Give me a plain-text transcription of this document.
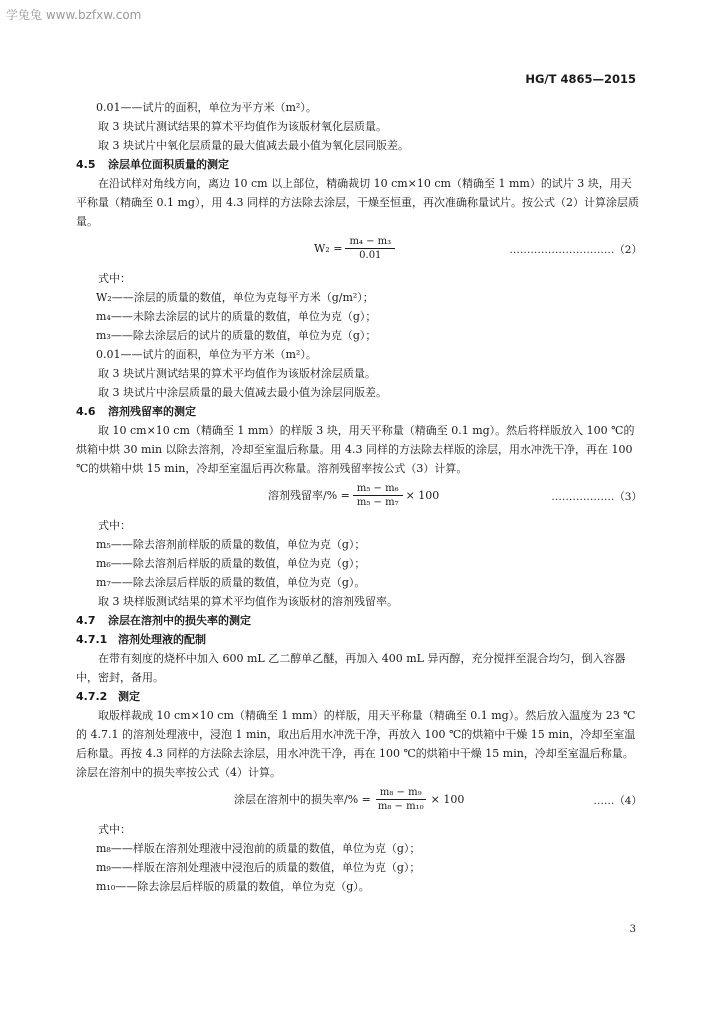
学兔兔 www.bzfxw.com
HG/T 4865—2015

0.01——试片的面积，单位为平方米（m²）。

取 3 块试片测试结果的算术平均值作为该版材氧化层质量。

取 3 块试片中氧化层质量的最大值减去最小值为氧化层同版差。

4.5 涂层单位面积质量的测定

在沿试样对角线方向，离边 10 cm 以上部位，精确裁切 10 cm×10 cm（精确至 1 mm）的试片 3 块，用天平称量（精确至 0.1 mg），用 4.3 同样的方法除去涂层，干燥至恒重，再次准确称量试片。按公式（2）计算涂层质量。

$W_2 = \frac{\text{m₄ − m₃}}{0.01}$	…………………………（2）

式中：

W₂——涂层的质量的数值，单位为克每平方米（g/m²）；

m₄——未除去涂层的试片的质量的数值，单位为克（g）；

m₃——除去涂层后的试片的质量的数值，单位为克（g）；

0.01——试片的面积，单位为平方米（m²）。

取 3 块试片测试结果的算术平均值作为该版材涂层质量。

取 3 块试片中涂层质量的最大值减去最小值为涂层同版差。

4.6 溶剂残留率的测定

取 10 cm×10 cm（精确至 1 mm）的样版 3 块，用天平称量（精确至 0.1 mg）。然后将样版放入 100 ℃的烘箱中烘 30 min 以除去溶剂，冷却至室温后称量。用 4.3 同样的方法除去样版的涂层，用水冲洗干净，再在 100 ℃的烘箱中烘 15 min，冷却至室温后再次称量。溶剂残留率按公式（3）计算。

溶剂残留率/% = $\frac{\text{m₅ − m₆}}{\text{m₅ − m₇}} \times 100$	………………（3）

式中：

m₅——除去溶剂前样版的质量的数值，单位为克（g）；

m₆——除去溶剂后样版的质量的数值，单位为克（g）；

m₇——除去涂层后样版的质量的数值，单位为克（g）。

取 3 块样版测试结果的算术平均值作为该版材的溶剂残留率。

4.7 涂层在溶剂中的损失率的测定

4.7.1 溶剂处理液的配制

在带有刻度的烧杯中加入 600 mL 乙二醇单乙醚，再加入 400 mL 异丙醇，充分搅拌至混合均匀，倒入容器中，密封，备用。

4.7.2 测定

取版样裁成 10 cm×10 cm（精确至 1 mm）的样版，用天平称量（精确至 0.1 mg）。然后放入温度为 23 ℃的 4.7.1 的溶剂处理液中，浸泡 1 min，取出后用水冲洗干净，再放入 100 ℃的烘箱中干燥 15 min，冷却至室温后称量。再按 4.3 同样的方法除去涂层，用水冲洗干净，再在 100 ℃的烘箱中干燥 15 min，冷却至室温后称量。涂层在溶剂中的损失率按公式（4）计算。

涂层在溶剂中的损失率/% = $\frac{\text{m₈ − m₉}}{\text{m₈ − m₁₀}} \times 100$	……（4）

式中：

m₈——样版在溶剂处理液中浸泡前的质量的数值，单位为克（g）；

m₉——样版在溶剂处理液中浸泡后的质量的数值，单位为克（g）；

m₁₀——除去涂层后样版的质量的数值，单位为克（g）。

3
